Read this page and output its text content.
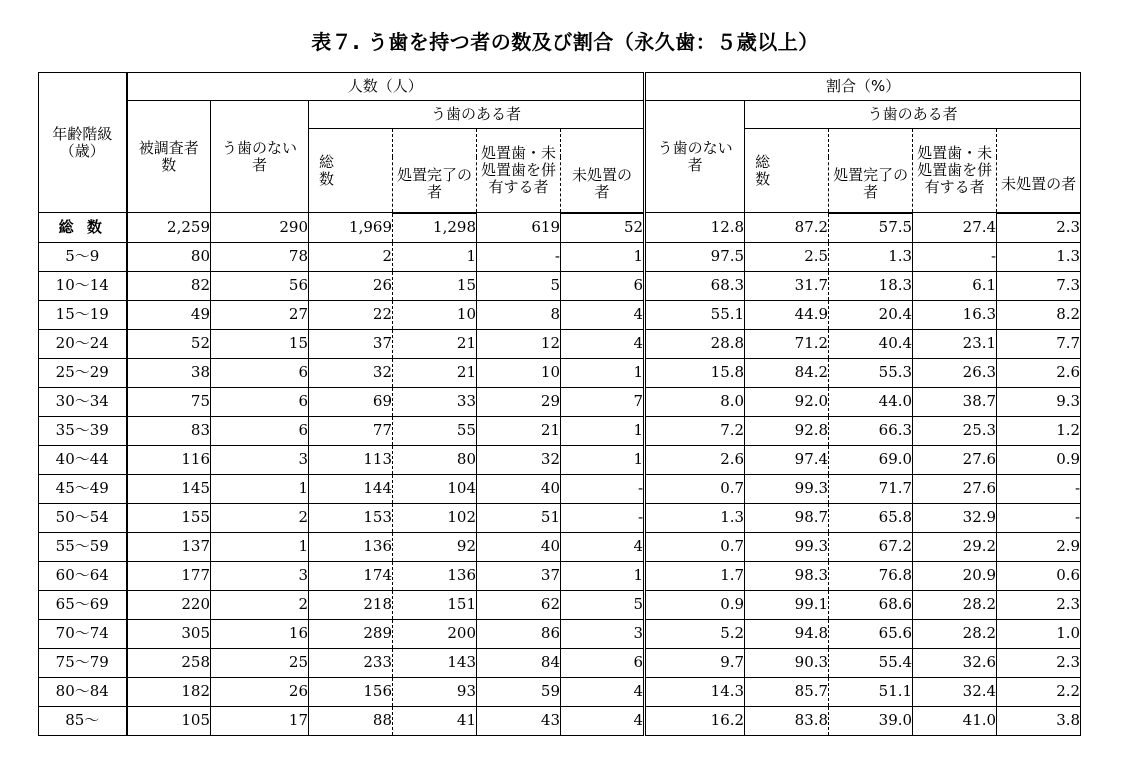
表７. う歯を持つ者の数及び割合（永久歯：５歳以上）
年齢階級（歳）	人数（人）						割合（%）				
	被調査者数	う歯のない者	う歯のある者				う歯のない者	う歯のある者			
			総　数		処置歯・未処置歯を併有する者			総　数		処置歯・未処置歯を併有する者	
				処置完了の者		未処置の者			処置完了の者		未処置の者
総 数	2,259	290	1,969	1,298	619	52	12.8	87.2	57.5	27.4	2.3
5～9	80	78	2	1	-	1	97.5	2.5	1.3	-	1.3
10～14	82	56	26	15	5	6	68.3	31.7	18.3	6.1	7.3
15～19	49	27	22	10	8	4	55.1	44.9	20.4	16.3	8.2
20～24	52	15	37	21	12	4	28.8	71.2	40.4	23.1	7.7
25～29	38	6	32	21	10	1	15.8	84.2	55.3	26.3	2.6
30～34	75	6	69	33	29	7	8.0	92.0	44.0	38.7	9.3
35～39	83	6	77	55	21	1	7.2	92.8	66.3	25.3	1.2
40～44	116	3	113	80	32	1	2.6	97.4	69.0	27.6	0.9
45～49	145	1	144	104	40	-	0.7	99.3	71.7	27.6	-
50～54	155	2	153	102	51	-	1.3	98.7	65.8	32.9	-
55～59	137	1	136	92	40	4	0.7	99.3	67.2	29.2	2.9
60～64	177	3	174	136	37	1	1.7	98.3	76.8	20.9	0.6
65～69	220	2	218	151	62	5	0.9	99.1	68.6	28.2	2.3
70～74	305	16	289	200	86	3	5.2	94.8	65.6	28.2	1.0
75～79	258	25	233	143	84	6	9.7	90.3	55.4	32.6	2.3
80～84	182	26	156	93	59	4	14.3	85.7	51.1	32.4	2.2
85～	105	17	88	41	43	4	16.2	83.8	39.0	41.0	3.8
